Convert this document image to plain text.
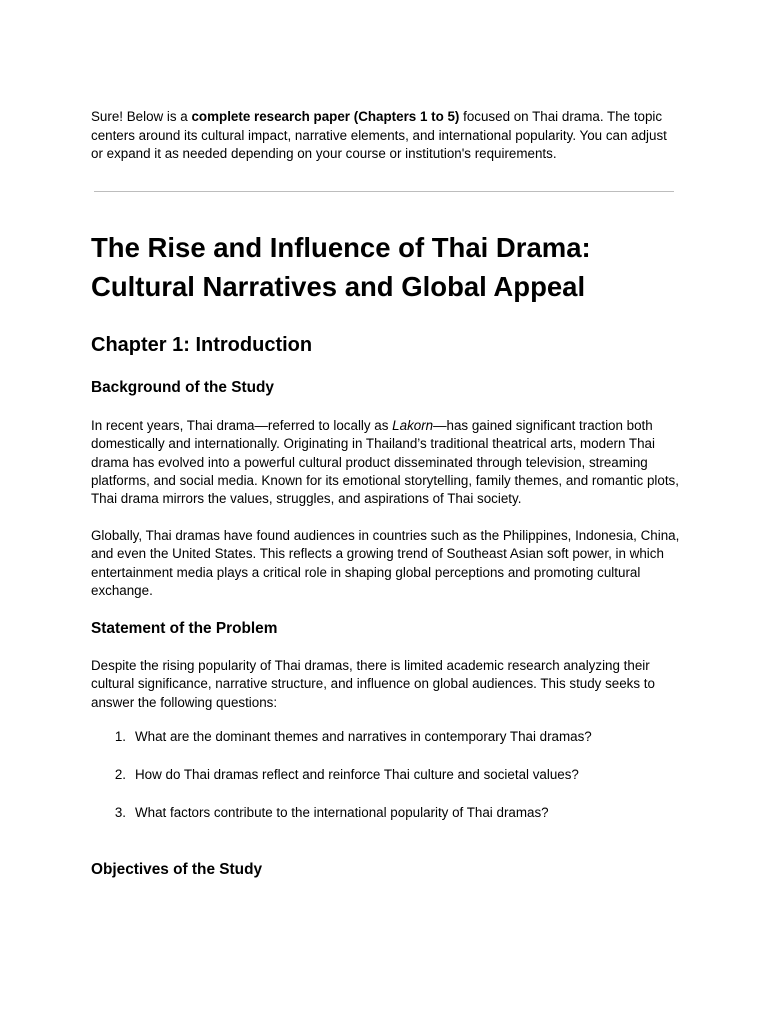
Sure! Below is a complete research paper (Chapters 1 to 5) focused on Thai drama. The topic centers around its cultural impact, narrative elements, and international popularity. You can adjust or expand it as needed depending on your course or institution's requirements.

The Rise and Influence of Thai Drama:
Cultural Narratives and Global Appeal
Chapter 1: Introduction
Background of the Study

In recent years, Thai drama—referred to locally as Lakorn—has gained significant traction both domestically and internationally. Originating in Thailand’s traditional theatrical arts, modern Thai drama has evolved into a powerful cultural product disseminated through television, streaming platforms, and social media. Known for its emotional storytelling, family themes, and romantic plots, Thai drama mirrors the values, struggles, and aspirations of Thai society.

Globally, Thai dramas have found audiences in countries such as the Philippines, Indonesia, China, and even the United States. This reflects a growing trend of Southeast Asian soft power, in which entertainment media plays a critical role in shaping global perceptions and promoting cultural exchange.

Statement of the Problem

Despite the rising popularity of Thai dramas, there is limited academic research analyzing their cultural significance, narrative structure, and influence on global audiences. This study seeks to answer the following questions:

1. What are the dominant themes and narratives in contemporary Thai dramas?
2. How do Thai dramas reflect and reinforce Thai culture and societal values?
3. What factors contribute to the international popularity of Thai dramas?
Objectives of the Study
